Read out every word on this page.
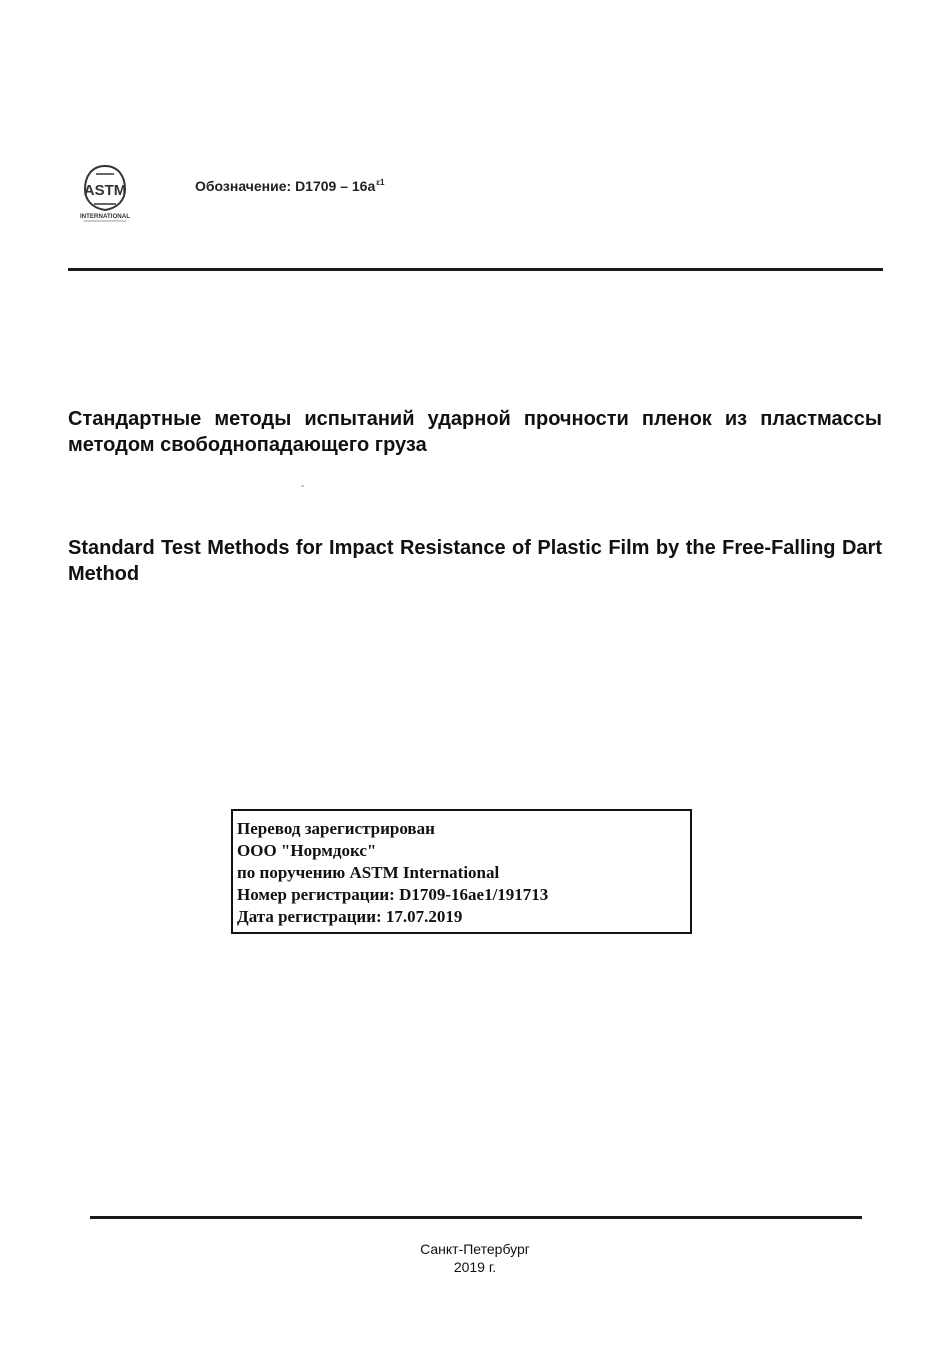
ASTM
INTERNATIONAL
Обозначение: $D1709 - 16a^{\varepsilon 1}$
Стандартные методы испытаний ударной прочности пленок из пластмассы методом свободнопадающего груза
Standard Test Methods for Impact Resistance of Plastic Film by the Free-Falling Dart Method
Перевод зарегистрирован
ООО "Нормдокс"
по поручению ASTM International
Номер регистрации: D1709-16ae1/191713
Дата регистрации: 17.07.2019
Санкт-Петербург
2019 г.
